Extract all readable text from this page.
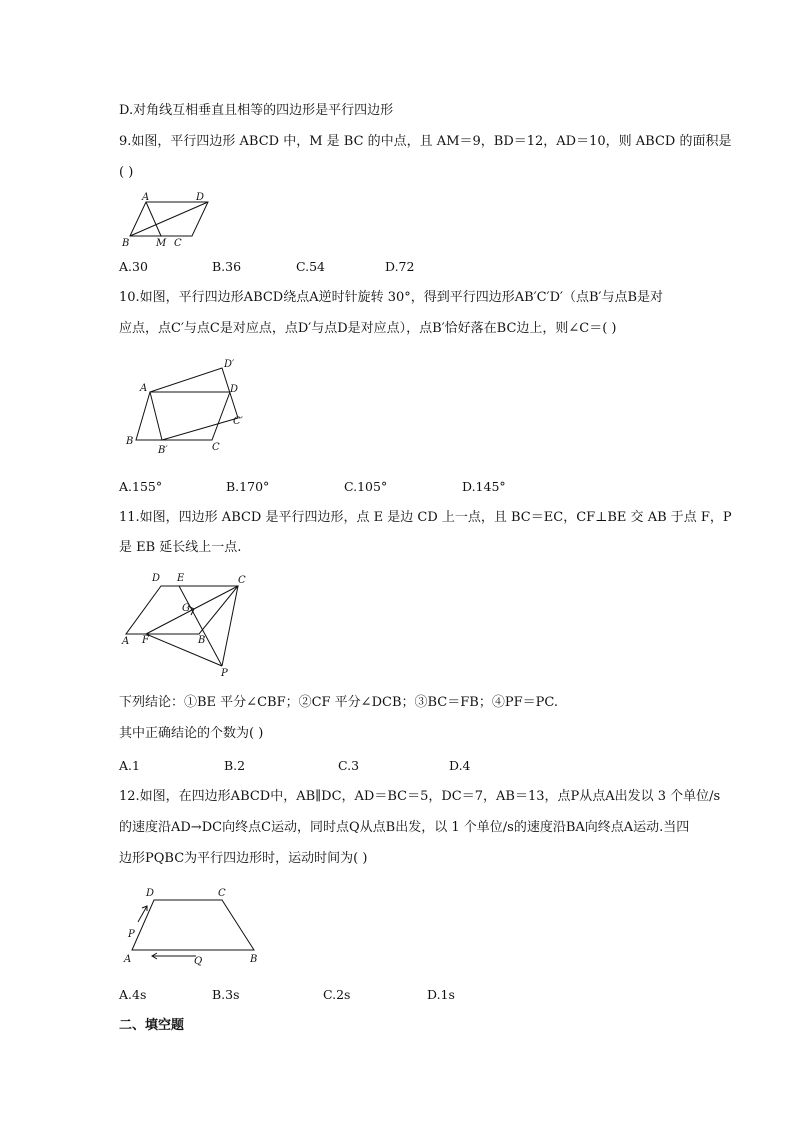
D.对角线互相垂直且相等的四边形是平行四边形
9.如图，平行四边形 ABCD 中，M 是 BC 的中点，且 AM＝9，BD＝12，AD＝10，则 ABCD 的面积是
( )
A	D
B	M C
A.30	B.36	C.54	D.72
10.如图，平行四边形ABCD绕点A逆时针旋转 30°，得到平行四边形AB′C′D′（点B′与点B是对
应点，点C′与点C是对应点，点D′与点D是对应点），点B′恰好落在BC边上，则∠C＝( )
A
D′
D
C′
B
B′	C
A.155°	B.170°	C.105°	D.145°
11.如图，四边形 ABCD 是平行四边形，点 E 是边 CD 上一点，且 BC＝EC，CF⊥BE 交 AB 于点 F，P
是 EB 延长线上一点.
D E	C
G
A F	B
P
下列结论：①BE 平分∠CBF；②CF 平分∠DCB；③BC＝FB；④PF＝PC.
其中正确结论的个数为( )
A.1	B.2	C.3	D.4
12.如图，在四边形ABCD中，AB∥DC，AD＝BC＝5，DC＝7，AB＝13，点P从点A出发以 3 个单位/s
的速度沿AD→DC向终点C运动，同时点Q从点B出发，以 1 个单位/s的速度沿BA向终点A运动.当四
边形PQBC为平行四边形时，运动时间为( )
D	C
P
A	Q	B
A.4s	B.3s	C.2s	D.1s
二、填空题
